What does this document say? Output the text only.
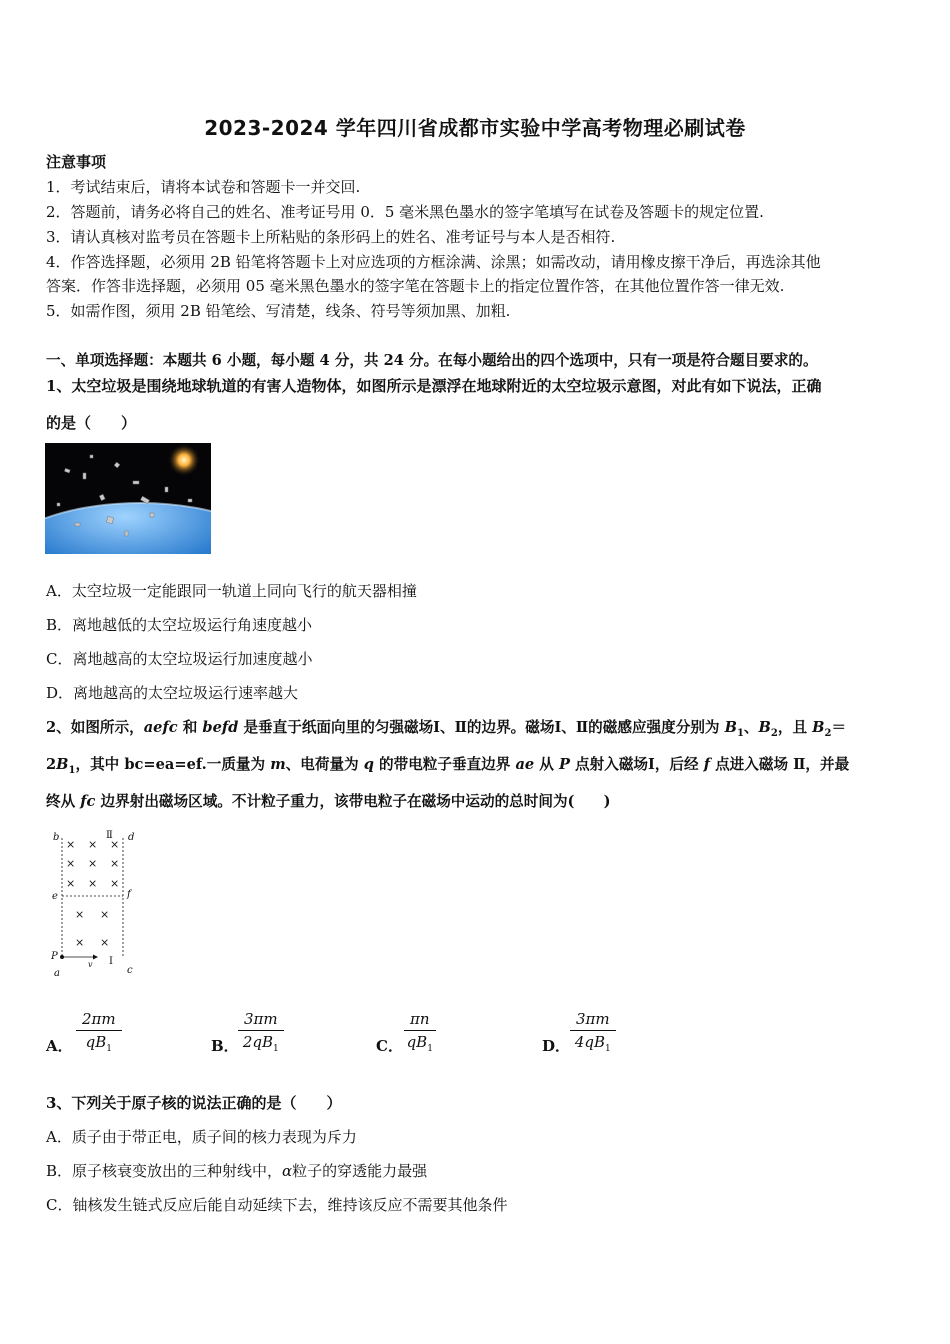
2023-2024 学年四川省成都市实验中学高考物理必刷试卷
注意事项
1．考试结束后，请将本试卷和答题卡一并交回.
2．答题前，请务必将自己的姓名、准考证号用 0．5 毫米黑色墨水的签字笔填写在试卷及答题卡的规定位置.
3．请认真核对监考员在答题卡上所粘贴的条形码上的姓名、准考证号与本人是否相符.
4．作答选择题，必须用 2B 铅笔将答题卡上对应选项的方框涂满、涂黑；如需改动，请用橡皮擦干净后，再选涂其他
答案．作答非选择题，必须用 05 毫米黑色墨水的签字笔在答题卡上的指定位置作答，在其他位置作答一律无效.
5．如需作图，须用 2B 铅笔绘、写清楚，线条、符号等须加黑、加粗.
一、单项选择题：本题共 6 小题，每小题 4 分，共 24 分。在每小题给出的四个选项中，只有一项是符合题目要求的。
1、太空垃圾是围绕地球轨道的有害人造物体，如图所示是漂浮在地球附近的太空垃圾示意图，对此有如下说法，正确
的是（　　）
A．太空垃圾一定能跟同一轨道上同向飞行的航天器相撞
B．离地越低的太空垃圾运行角速度越小
C．离地越高的太空垃圾运行加速度越小
D．离地越高的太空垃圾运行速率越大
2、如图所示，aefc 和 befd 是垂直于纸面向里的匀强磁场Ⅰ、Ⅱ的边界。磁场Ⅰ、Ⅱ的磁感应强度分别为 $B_1$、$B_2$，且 $B_2=$
$2B_1$，其中 bc=ea=ef.一质量为 m、电荷量为 q 的带电粒子垂直边界 ae 从 P 点射入磁场Ⅰ，后经 f 点进入磁场 Ⅱ，并最
终从 fc 边界射出磁场区域。不计粒子重力，该带电粒子在磁场中运动的总时间为(　　)
b	d
Ⅱ
e	f
P
a	c
Ⅰ
v
× × ×
× × ×
× × ×
× ×
× ×
A． $\frac{2\pi m}{qB_1}$	B． $\frac{3\pi m}{2qB_1}$	C． $\frac{\pi n}{qB_1}$	D． $\frac{3\pi m}{4qB_1}$
3、下列关于原子核的说法正确的是（　　）
A．质子由于带正电，质子间的核力表现为斥力
B．原子核衰变放出的三种射线中，α粒子的穿透能力最强
C．铀核发生链式反应后能自动延续下去，维持该反应不需要其他条件
